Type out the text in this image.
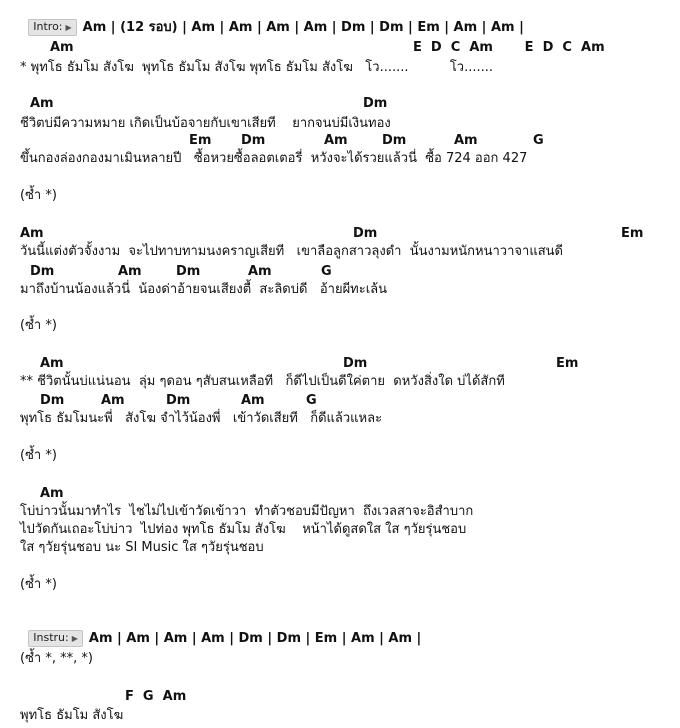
Intro: ▶ Am | (12 รอบ) | Am | Am | Am | Am | Dm | Dm | Em | Am | Am |

Am	E  D  C  Am       E  D  C  Am
* พุทโธ ธัมโม สังโฆ  พุทโธ ธัมโม สังโฆ พุทโธ ธัมโม สังโฆ   โว.......          โว.......
Am	Dm
ชีวิตบ่มีความหมาย เกิดเป็นบ้อจายกับเขาเสียที    ยากจนบ่มีเงินทอง
Em Dm	Am	Dm	Am	G
ขึ้นกองล่องกองมาเมินหลายปี   ซื้อหวยซื้อลอตเตอรี่  หวังจะได้รวยแล้วนี่  ซื้อ 724 ออก 427
(ซ้ำ *)
Am	Dm	Em
วันนี้แต่งตัวจั้งงาม  จะไปทาบทามนงคราญเสียที   เขาลือลูกสาวลุงดำ  นั้นงามหนักหนาวาจาแสนดี
Dm	Am	Dm	Am	G
มาถึงบ้านน้องแล้วนี่  น้องด่าอ้ายจนเสียงตื้  สะลิดบ่ดี   อ้ายผีทะเล้น
(ซ้ำ *)
Am	Dm	Em
** ชีวิตนั้นบ่แน่นอน  ลุ่ม ๆดอน ๆสับสนเหลือที   ก็ดีไปเป็นดีใค่ตาย  ดหวังสิ่งใด บ่ได้สักที
Dm	Am	Dm	Am	G
พุทโธ ธัมโมนะพี่   สังโฆ จำไว้น้องพี่   เข้าวัดเสียที   ก็ดีแล้วแหละ
(ซ้ำ *)
Am
โบ่บ่าวนั้นมาทำไร  ไชไม่ไปเข้าวัดเข้าวา  ทำตัวชอบมีปัญหา  ถึงเวลสาจะอิสำบาก
ไปวัดกันเถอะโบ่บ่าว  ไปท่อง พุทโธ ธัมโม สังโฆ    หน้าได้ดูสดใส ใส ๆวัยรุ่นชอบ
ใส ๆวัยรุ่นชอบ นะ SI Music ใส ๆวัยรุ่นชอบ
(ซ้ำ *)
(ซ้ำ *, **, *)
F  G  Am
พุทโธ ธัมโม สังโฆ

Instru: ▶ Am | Am | Am | Am | Dm | Dm | Em | Am | Am |
